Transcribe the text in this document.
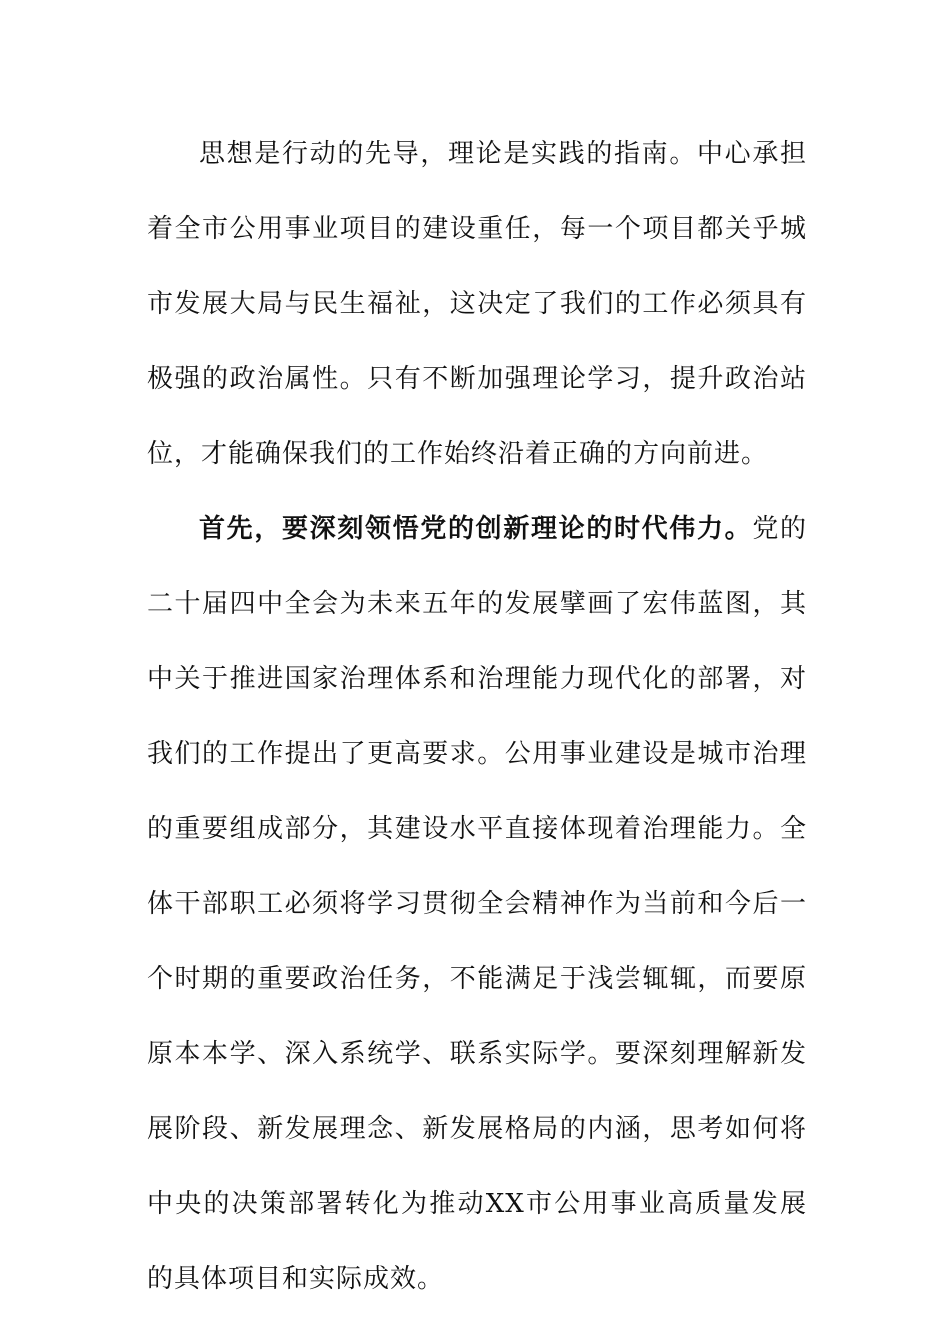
思想是行动的先导，理论是实践的指南。中心承担着全市公用事业项目的建设重任，每一个项目都关乎城市发展大局与民生福祉，这决定了我们的工作必须具有极强的政治属性。只有不断加强理论学习，提升政治站位，才能确保我们的工作始终沿着正确的方向前进。

首先，要深刻领悟党的创新理论的时代伟力。党的二十届四中全会为未来五年的发展擘画了宏伟蓝图，其中关于推进国家治理体系和治理能力现代化的部署，对我们的工作提出了更高要求。公用事业建设是城市治理的重要组成部分，其建设水平直接体现着治理能力。全体干部职工必须将学习贯彻全会精神作为当前和今后一个时期的重要政治任务，不能满足于浅尝辄辄，而要原原本本学、深入系统学、联系实际学。要深刻理解新发展阶段、新发展理念、新发展格局的内涵，思考如何将中央的决策部署转化为推动XX市公用事业高质量发展的具体项目和实际成效。
